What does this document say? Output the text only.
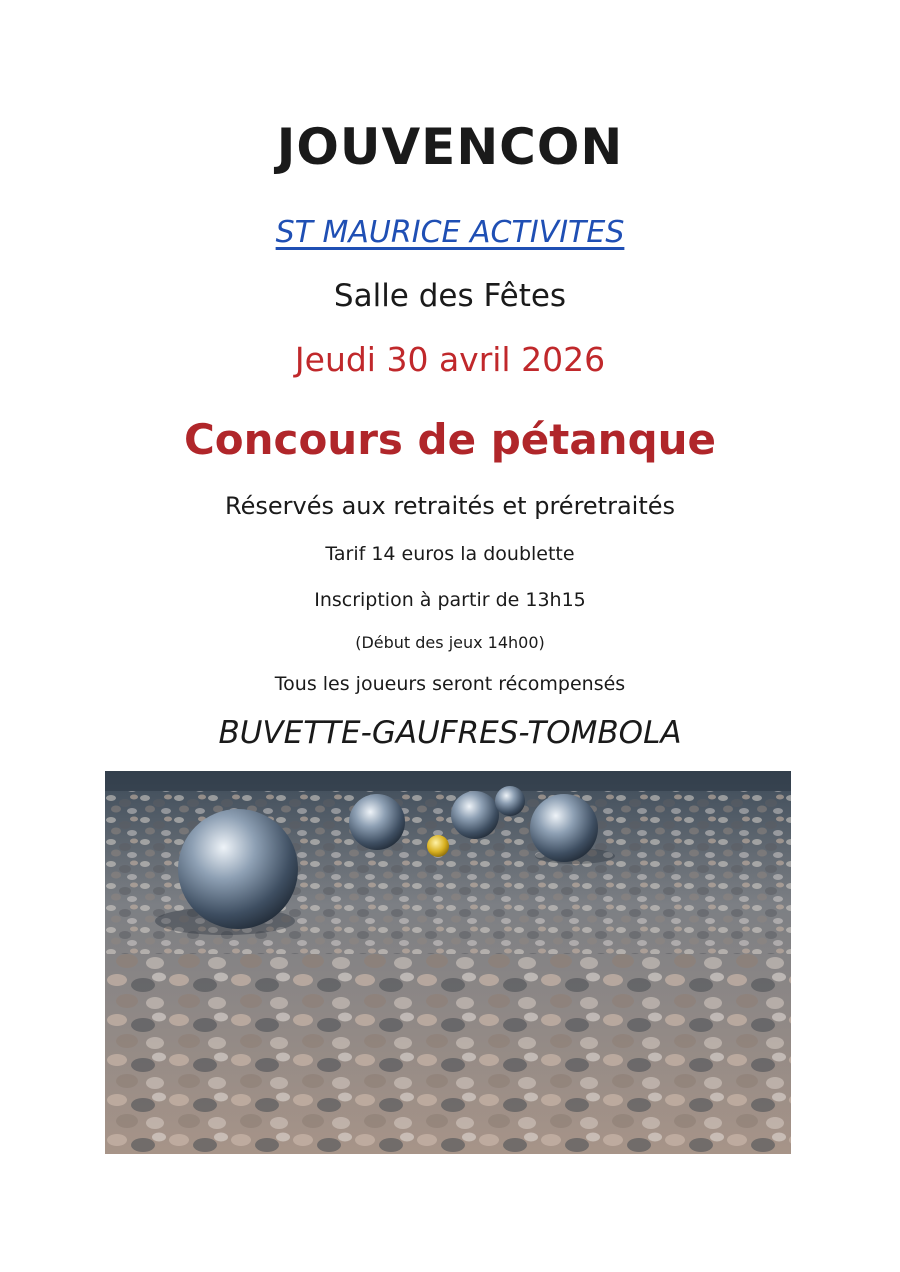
JOUVENCON
ST MAURICE ACTIVITES
Salle des Fêtes
Jeudi 30 avril 2026
Concours de pétanque
Réservés aux retraités et préretraités
Tarif 14 euros la doublette
Inscription à partir de 13h15
(Début des jeux 14h00)
Tous les joueurs seront récompensés
BUVETTE-GAUFRES-TOMBOLA
